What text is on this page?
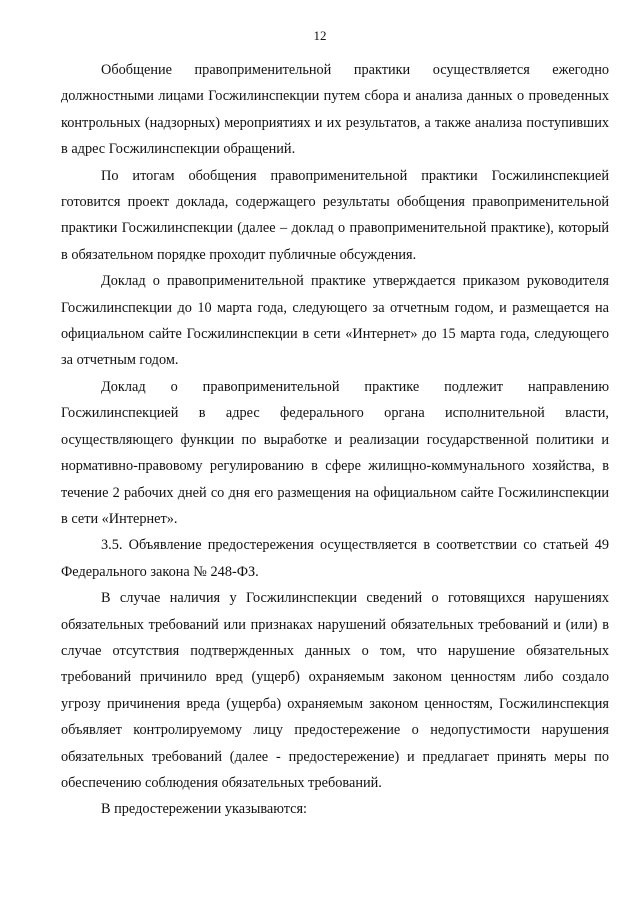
12

Обобщение правоприменительной практики осуществляется ежегодно должностными лицами Госжилинспекции путем сбора и анализа данных о проведенных контрольных (надзорных) мероприятиях и их результатов, а также анализа поступивших в адрес Госжилинспекции обращений.

По итогам обобщения правоприменительной практики Госжилинспекцией готовится проект доклада, содержащего результаты обобщения правоприменительной практики Госжилинспекции (далее – доклад о правоприменительной практике), который в обязательном порядке проходит публичные обсуждения.

Доклад о правоприменительной практике утверждается приказом руководителя Госжилинспекции до 10 марта года, следующего за отчетным годом, и размещается на официальном сайте Госжилинспекции в сети «Интернет» до 15 марта года, следующего за отчетным годом.

Доклад о правоприменительной практике подлежит направлению Госжилинспекцией в адрес федерального органа исполнительной власти, осуществляющего функции по выработке и реализации государственной политики и нормативно-правовому регулированию в сфере жилищно-коммунального хозяйства, в течение 2 рабочих дней со дня его размещения на официальном сайте Госжилинспекции в сети «Интернет».

3.5. Объявление предостережения осуществляется в соответствии со статьей 49 Федерального закона № 248-ФЗ.

В случае наличия у Госжилинспекции сведений о готовящихся нарушениях обязательных требований или признаках нарушений обязательных требований и (или) в случае отсутствия подтвержденных данных о том, что нарушение обязательных требований причинило вред (ущерб) охраняемым законом ценностям либо создало угрозу причинения вреда (ущерба) охраняемым законом ценностям, Госжилинспекция объявляет контролируемому лицу предостережение о недопустимости нарушения обязательных требований (далее - предостережение) и предлагает принять меры по обеспечению соблюдения обязательных требований.

В предостережении указываются:
